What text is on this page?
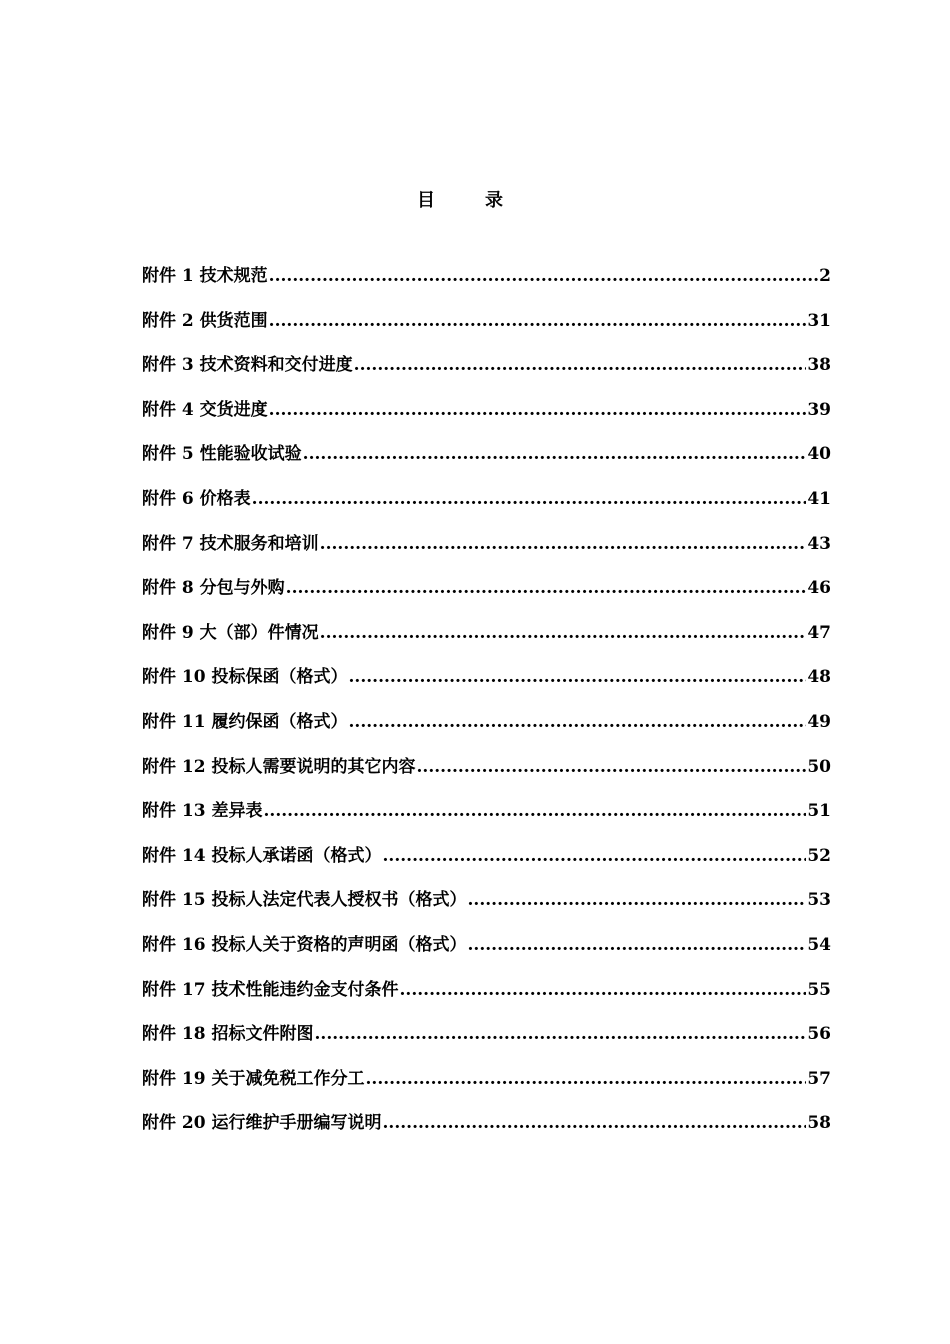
目录
附件 1 技术规范 .....	2
附件 2 供货范围 .....	31
附件 3 技术资料和交付进度 .....	38
附件 4 交货进度 .....	39
附件 5 性能验收试验 .....	40
附件 6 价格表 .....	41
附件 7 技术服务和培训 .....	43
附件 8 分包与外购 .....	46
附件 9 大（部）件情况 .....	47
附件 10 投标保函（格式） .....	48
附件 11 履约保函（格式） .....	49
附件 12 投标人需要说明的其它内容 .....	50
附件 13 差异表 .....	51
附件 14 投标人承诺函（格式） .....	52
附件 15 投标人法定代表人授权书（格式） .....	53
附件 16 投标人关于资格的声明函（格式） .....	54
附件 17 技术性能违约金支付条件 .....	55
附件 18 招标文件附图 .....	56
附件 19 关于减免税工作分工 .....	57
附件 20 运行维护手册编写说明 .....	58
